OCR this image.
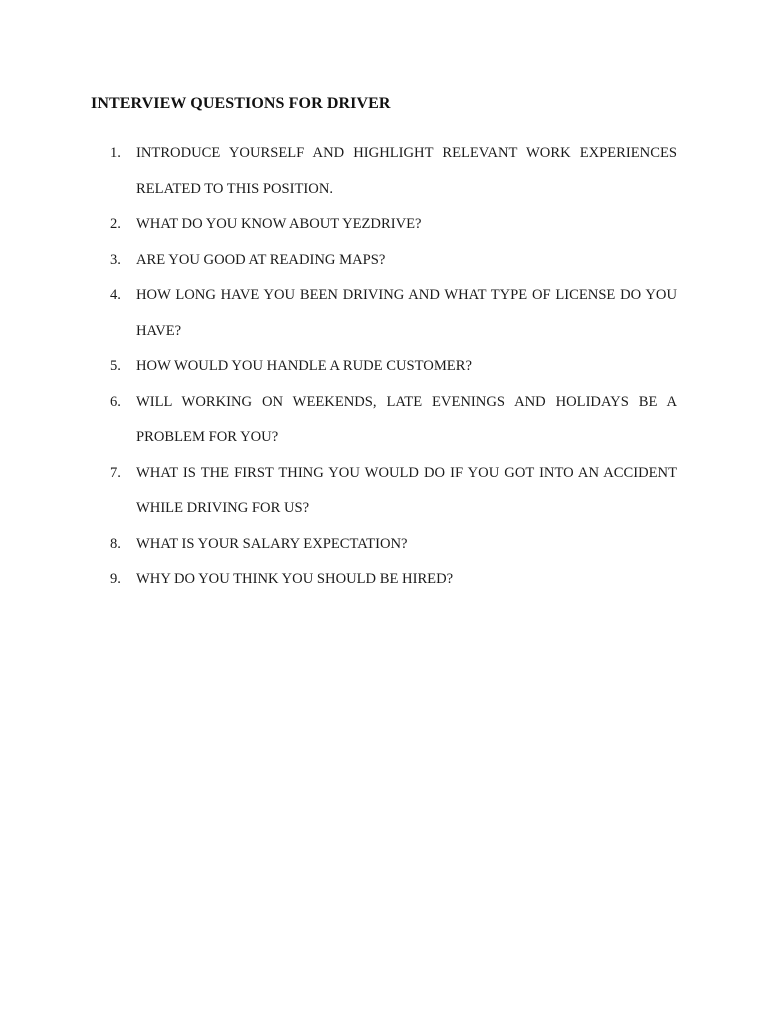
INTERVIEW QUESTIONS FOR DRIVER
1.	INTRODUCE YOURSELF AND HIGHLIGHT RELEVANT WORK EXPERIENCES RELATED TO THIS POSITION.
2.	WHAT DO YOU KNOW ABOUT YEZDRIVE?
3.	ARE YOU GOOD AT READING MAPS?
4.	HOW LONG HAVE YOU BEEN DRIVING AND WHAT TYPE OF LICENSE DO YOU HAVE?
5.	HOW WOULD YOU HANDLE A RUDE CUSTOMER?
6.	WILL WORKING ON WEEKENDS, LATE EVENINGS AND HOLIDAYS BE A PROBLEM FOR YOU?
7.	WHAT IS THE FIRST THING YOU WOULD DO IF YOU GOT INTO AN ACCIDENT WHILE DRIVING FOR US?
8.	WHAT IS YOUR SALARY EXPECTATION?
9.	WHY DO YOU THINK YOU SHOULD BE HIRED?
